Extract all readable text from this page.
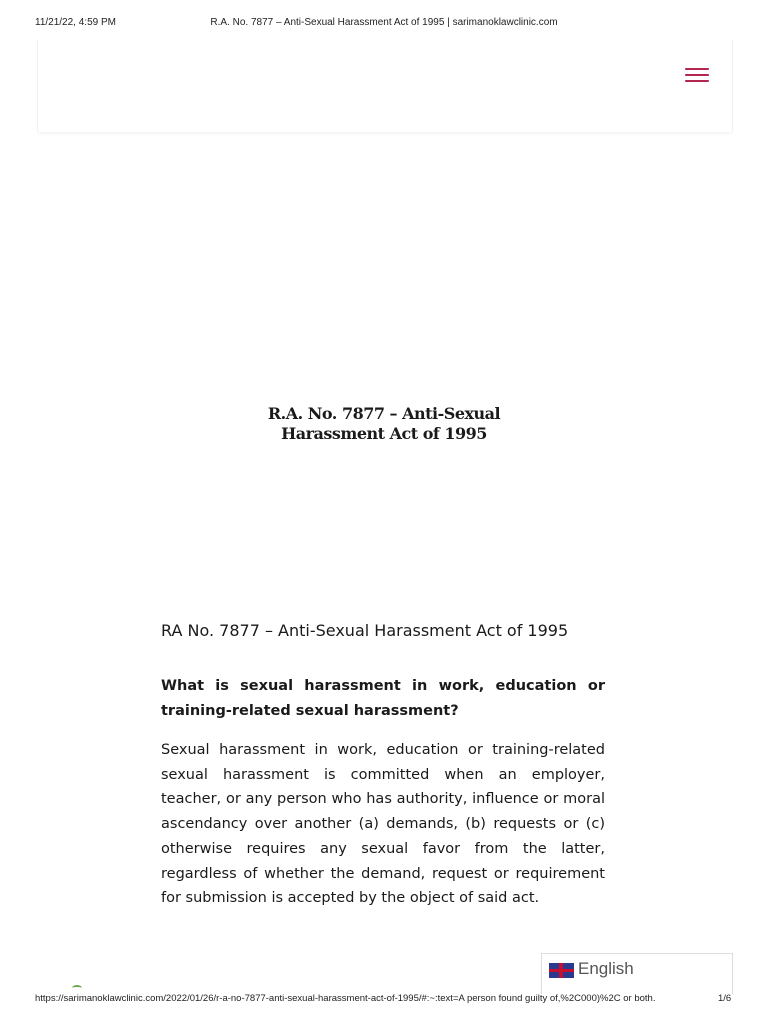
11/21/22, 4:59 PM	R.A. No. 7877 – Anti-Sexual Harassment Act of 1995 | sarimanoklawclinic.com
R.A. No. 7877 – Anti-Sexual
Harassment Act of 1995
RA No. 7877 – Anti-Sexual Harassment Act of 1995
What is sexual harassment in work, education or training-related sexual harassment?
Sexual harassment in work, education or training-related sexual harassment is committed when an employer, teacher, or any person who has authority, influence or moral ascendancy over another (a) demands, (b) requests or (c) otherwise requires any sexual favor from the latter, regardless of whether the demand, request or requirement for submission is accepted by the object of said act.
English
https://sarimanoklawclinic.com/2022/01/26/r-a-no-7877-anti-sexual-harassment-act-of-1995/#:~:text=A person found guilty of,%2C000)%2C or both.	1/6
